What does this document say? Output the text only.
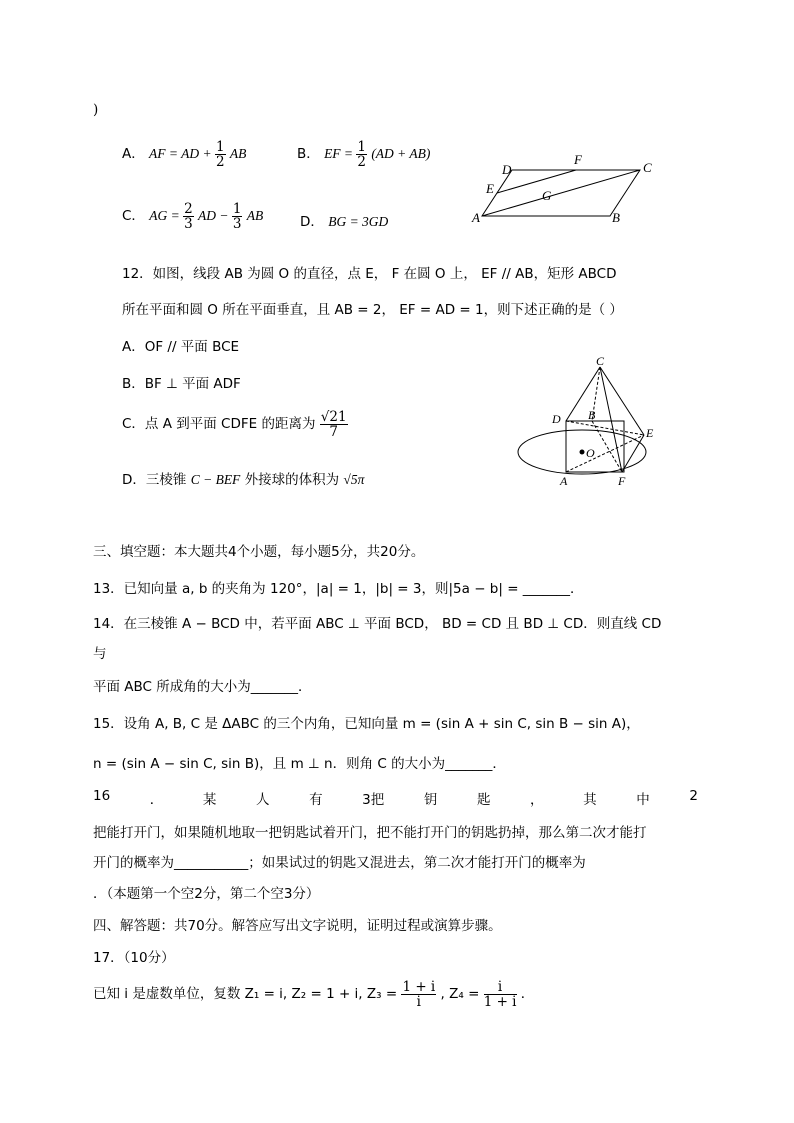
)
A． AF = AD + $\frac{1}{2}$ AB	B． EF = $\frac{1}{2} (AD + AB)$
C． AG = $\frac{2}{3}$ AD − $\frac{1}{3}$ AB	D． BG = 3GD
D
F
C
E	G
A	B
12．如图，线段 AB 为圆 O 的直径，点 E， F 在圆 O 上， EF // AB，矩形 ABCD
所在平面和圆 O 所在平面垂直，且 AB = 2， EF = AD = 1，则下述正确的是（ ）
A．OF // 平面 BCE
B．BF ⊥ 平面 ADF
C．点 A 到平面 CDFE 的距离为 $\frac{√21}{7}$
D．三棱锥 C − BEF 外接球的体积为 √5π
C
D B
E
O
A	F
三、填空题：本大题共4个小题，每小题5分，共20分。
13．已知向量 a, b 的夹角为 120°，|a| = 1，|b| = 3，则|5a − b| = _______．
14．在三棱锥 A − BCD 中，若平面 ABC ⊥ 平面 BCD， BD = CD 且 BD ⊥ CD．则直线 CD
与
平面 ABC 所成角的大小为_______．
15．设角 A, B, C 是 ΔABC 的三个内角，已知向量 m = (sin A + sin C, sin B − sin A)，
n = (sin A − sin C, sin B)，且 m ⊥ n．则角 C 的大小为_______．
16	．	某	人	有	3把	钥	匙	，	其	中	2
把能打开门，如果随机地取一把钥匙试着开门，把不能打开门的钥匙扔掉，那么第二次才能打
开门的概率为___________；如果试过的钥匙又混进去，第二次才能打开门的概率为
．（本题第一个空2分，第二个空3分）
四、解答题：共70分。解答应写出文字说明，证明过程或演算步骤。
17．（10分）
已知 i 是虚数单位，复数 Z₁ = i, Z₂ = 1 + i, $Z_3 = \frac{1 + i}{i}$ , $Z_4 = \frac{i}{1 + i}$ ．
